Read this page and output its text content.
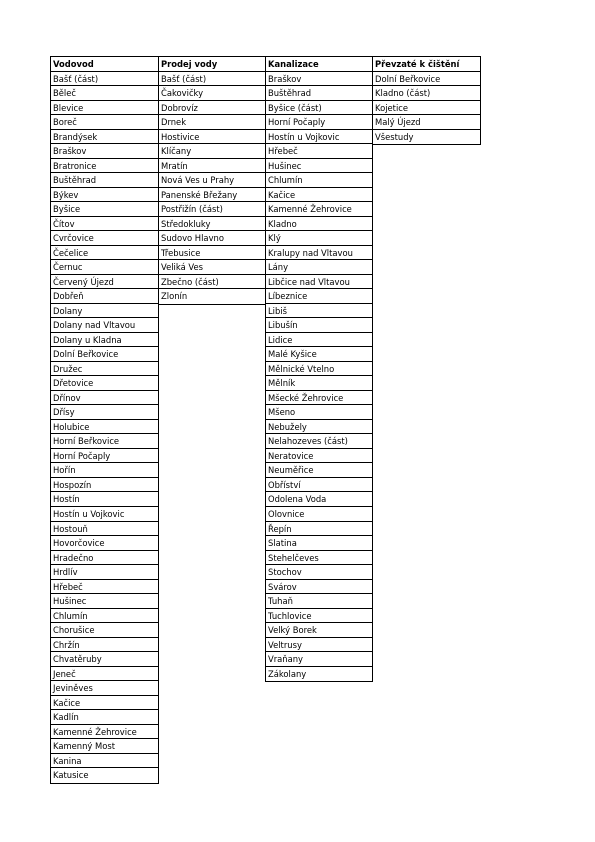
Vodovod
Bašť (část)
Běleč
Blevice
Boreč
Brandýsek
Braškov
Bratronice
Buštěhrad
Býkev
Byšice
Čítov
Cvrčovice
Čečelice
Černuc
Červený Újezd
Dobřeň
Dolany
Dolany nad Vltavou
Dolany u Kladna
Dolní Beřkovice
Družec
Dřetovice
Dřínov
Dřísy
Holubice
Horní Beřkovice
Horní Počaply
Hořín
Hospozín
Hostín
Hostín u Vojkovic
Hostouň
Hovorčovice
Hradečno
Hrdlív
Hřebeč
Hušinec
Chlumín
Chorušice
Chržín
Chvatěruby
Jeneč
Jeviněves
Kačice
Kadlín
Kamenné Žehrovice
Kamenný Most
Kanina
Katusice
Prodej vody
Bašť (část)
Čakovičky
Dobrovíz
Drnek
Hostivice
Klíčany
Mratín
Nová Ves u Prahy
Panenské Břežany
Postřižín (část)
Středokluky
Sudovo Hlavno
Třebusice
Veliká Ves
Zbečno (část)
Zlonín
Kanalizace
Braškov
Buštěhrad
Byšice (část)
Horní Počaply
Hostín u Vojkovic
Hřebeč
Hušinec
Chlumín
Kačice
Kamenné Žehrovice
Kladno
Klý
Kralupy nad Vltavou
Lány
Libčice nad Vltavou
Líbeznice
Libiš
Libušín
Lidice
Malé Kyšice
Mělnické Vtelno
Mělník
Mšecké Žehrovice
Mšeno
Nebužely
Nelahozeves (část)
Neratovice
Neuměřice
Obříství
Odolena Voda
Olovnice
Řepín
Slatina
Stehelčeves
Stochov
Svárov
Tuhaň
Tuchlovice
Velký Borek
Veltrusy
Vraňany
Zákolany
Převzaté k čištění
Dolní Beřkovice
Kladno (část)
Kojetice
Malý Újezd
Všestudy
